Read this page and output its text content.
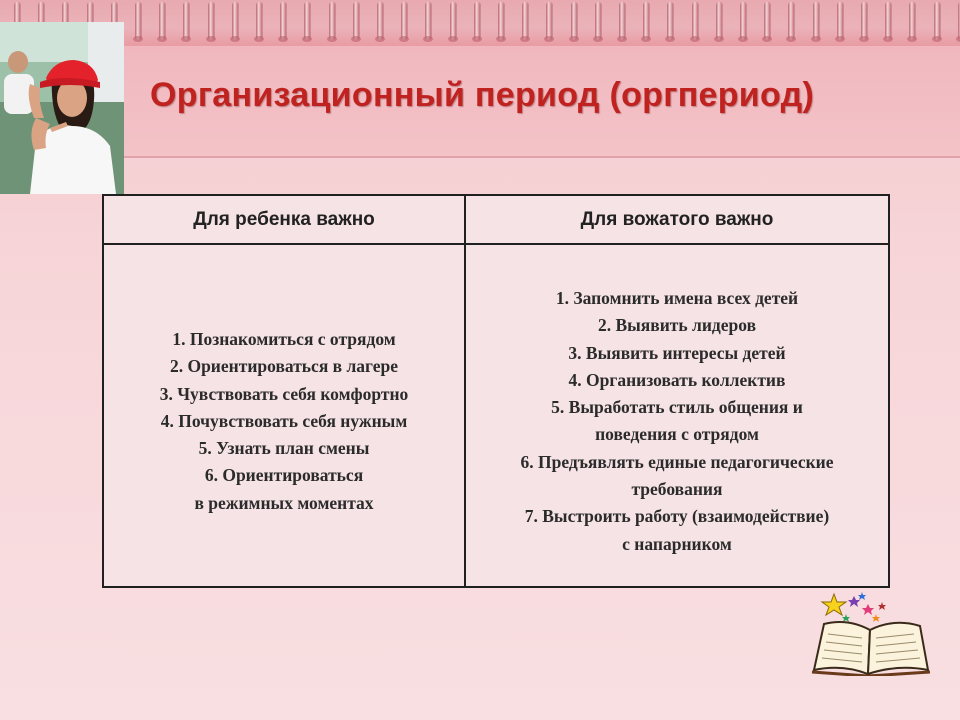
Организационный период (оргпериод)
Для ребенка важно	Для вожатого важно
1. Познакомиться с отрядом
2. Ориентироваться в лагере
3. Чувствовать себя комфортно
4. Почувствовать себя нужным
5. Узнать план смены
6. Ориентироваться
в режимных моментах
1. Запомнить имена всех детей
2. Выявить лидеров
3. Выявить интересы детей
4. Организовать коллектив
5. Выработать стиль общения и
поведения с отрядом
6. Предъявлять единые педагогические
требования
7. Выстроить работу (взаимодействие)
с напарником
